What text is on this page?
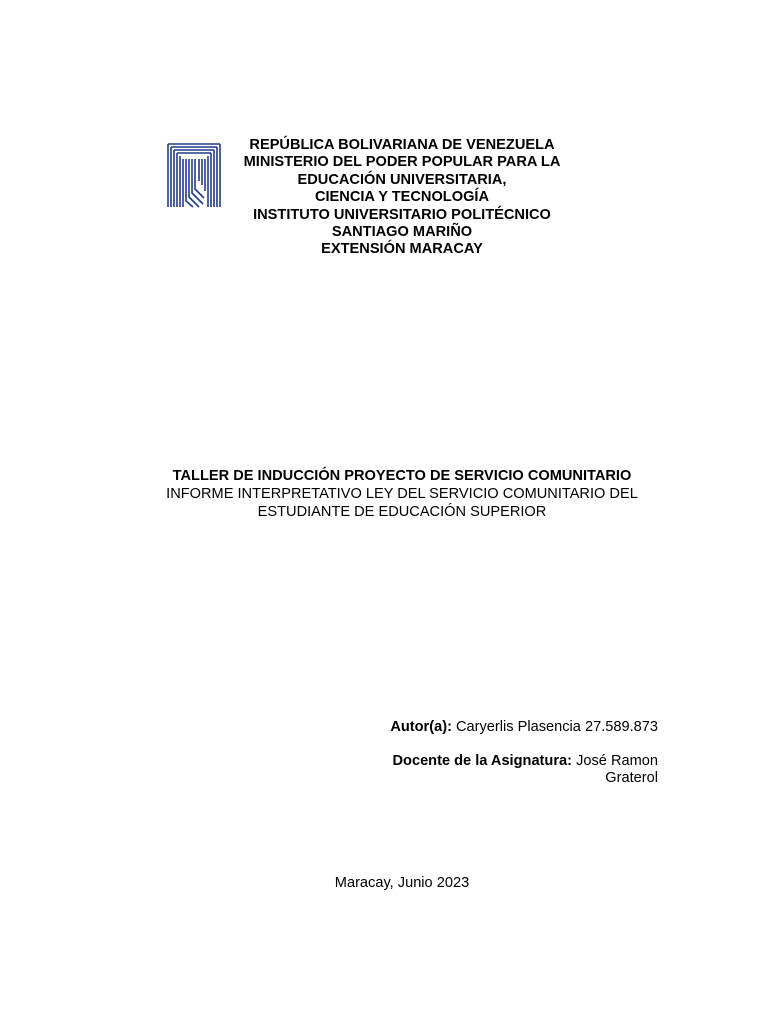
REPÚBLICA BOLIVARIANA DE VENEZUELA
MINISTERIO DEL PODER POPULAR PARA LA
EDUCACIÓN UNIVERSITARIA,
CIENCIA Y TECNOLOGÍA
INSTITUTO UNIVERSITARIO POLITÉCNICO
SANTIAGO MARIÑO
EXTENSIÓN MARACAY
TALLER DE INDUCCIÓN PROYECTO DE SERVICIO COMUNITARIO
INFORME INTERPRETATIVO LEY DEL SERVICIO COMUNITARIO DEL
ESTUDIANTE DE EDUCACIÓN SUPERIOR
Autor(a): Caryerlis Plasencia 27.589.873
Docente de la Asignatura: José Ramon
Graterol
Maracay, Junio 2023
